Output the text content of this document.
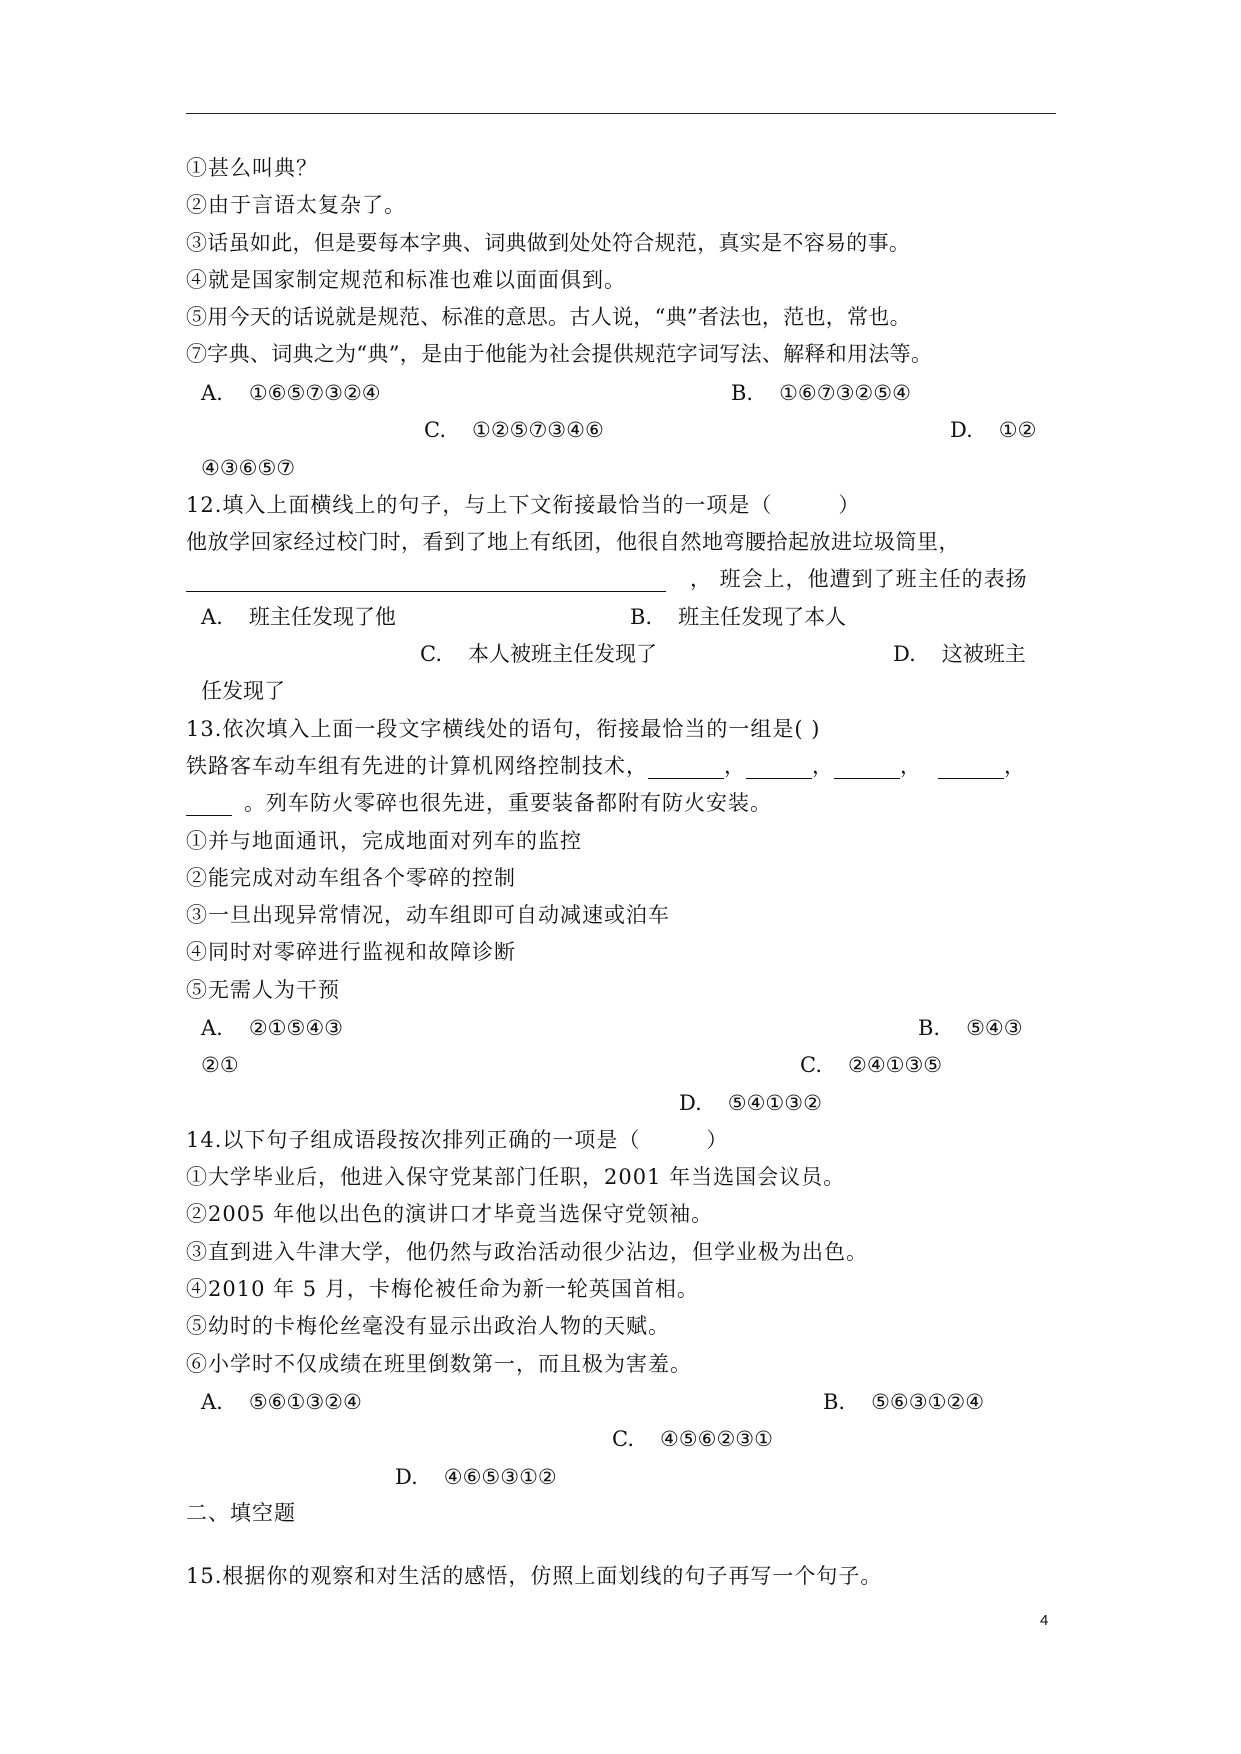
①甚么叫典？
②由于言语太复杂了。
③话虽如此，但是要每本字典、词典做到处处符合规范，真实是不容易的事。
④就是国家制定规范和标准也难以面面俱到。
⑤用今天的话说就是规范、标准的意思。古人说，“典”者法也，范也，常也。
⑦字典、词典之为“典”，是由于他能为社会提供规范字词写法、解释和用法等。
A. ①⑥⑤⑦③②④	B. ①⑥⑦③②⑤④
C. ①②⑤⑦③④⑥	D. ①②
④③⑥⑤⑦
12.填入上面横线上的句子，与上下文衔接最恰当的一项是（　　　）
他放学回家经过校门时，看到了地上有纸团，他很自然地弯腰拾起放进垃圾筒里，
， 班会上，他遭到了班主任的表扬
A. 班主任发现了他	B. 班主任发现了本人
C. 本人被班主任发现了	D. 这被班主
任发现了
13.依次填入上面一段文字横线处的语句，衔接最恰当的一组是( )
铁路客车动车组有先进的计算机网络控制技术，	，	，	，	，
。列车防火零碎也很先进，重要装备都附有防火安装。
①并与地面通讯，完成地面对列车的监控
②能完成对动车组各个零碎的控制
③一旦出现异常情况，动车组即可自动减速或泊车
④同时对零碎进行监视和故障诊断
⑤无需人为干预
A. ②①⑤④③	B. ⑤④③
②①	C. ②④①③⑤
D. ⑤④①③②
14.以下句子组成语段按次排列正确的一项是（　　　）
①大学毕业后，他进入保守党某部门任职，2001 年当选国会议员。
②2005 年他以出色的演讲口才毕竟当选保守党领袖。
③直到进入牛津大学，他仍然与政治活动很少沾边，但学业极为出色。
④2010 年 5 月，卡梅伦被任命为新一轮英国首相。
⑤幼时的卡梅伦丝毫没有显示出政治人物的天赋。
⑥小学时不仅成绩在班里倒数第一，而且极为害羞。
A. ⑤⑥①③②④	B. ⑤⑥③①②④
C. ④⑤⑥②③①
D. ④⑥⑤③①②
二、填空题
15.根据你的观察和对生活的感悟，仿照上面划线的句子再写一个句子。
4
